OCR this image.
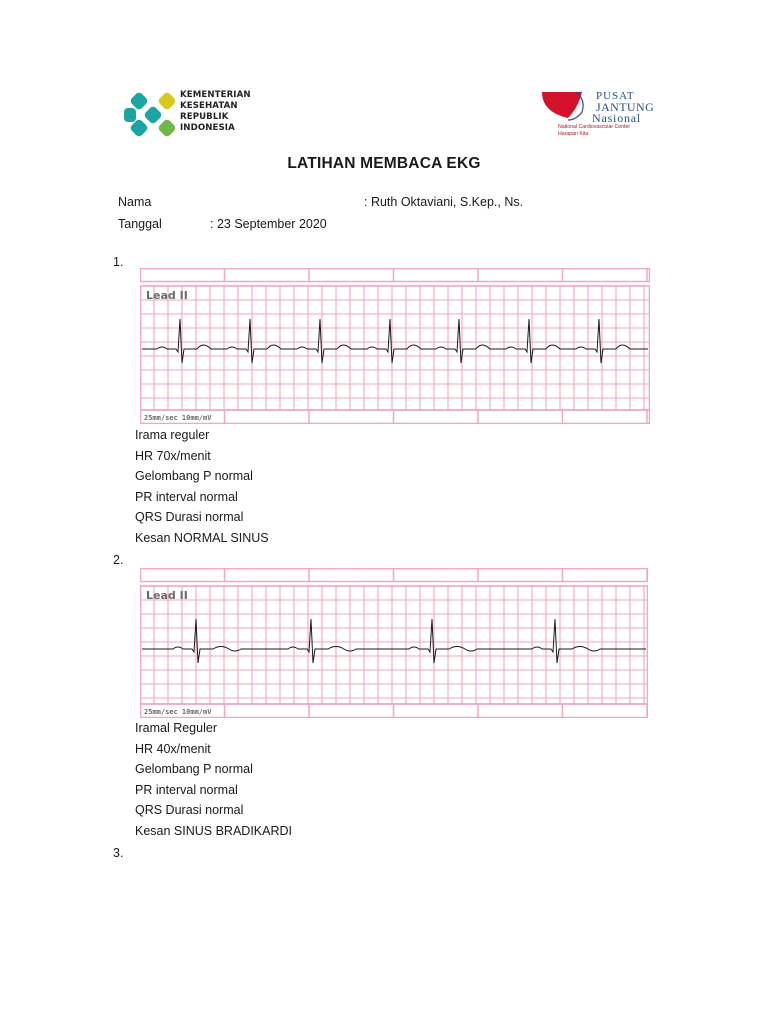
KEMENTERIAN
KESEHATAN
REPUBLIK
INDONESIA
PUSAT
JANTUNG
Nasional
National Cardiovascular Center
Harapan Kita
LATIHAN MEMBACA EKG
Nama	: Ruth Oktaviani, S.Kep., Ns.
Tanggal	: 23 September 2020
1.
Lead II
25mm/sec 10mm/mV
Irama reguler
HR 70x/menit
Gelombang P normal
PR interval normal
QRS Durasi normal
Kesan NORMAL SINUS
2.
Lead II
25mm/sec 10mm/mV
Iramal Reguler
HR 40x/menit
Gelombang P normal
PR interval normal
QRS Durasi normal
Kesan SINUS BRADIKARDI
3.
